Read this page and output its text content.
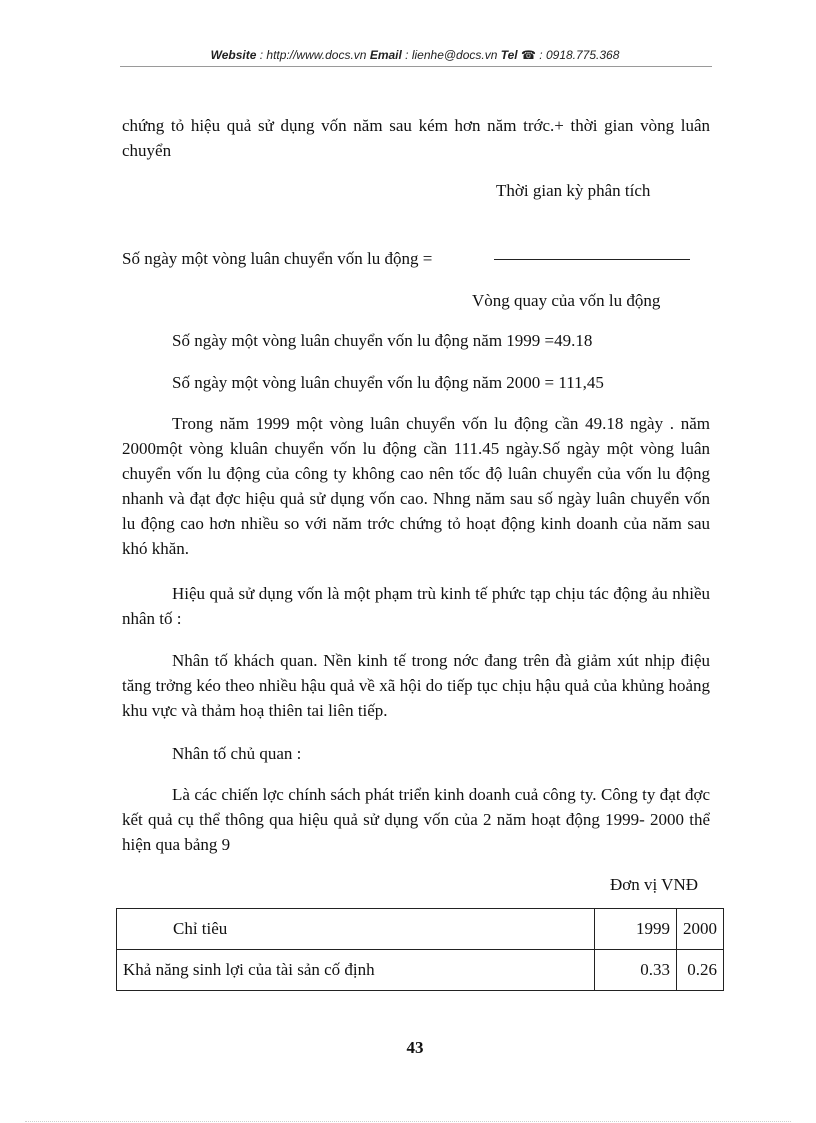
Website : http://www.docs.vn Email : lienhe@docs.vn Tel ☎ : 0918.775.368
chứng tỏ hiệu quả sử dụng vốn năm sau kém hơn năm trớc.+ thời gian vòng luân chuyển
Thời gian kỳ phân tích
Số ngày một vòng luân chuyển vốn lu động =
Vòng quay của vốn lu động
Số ngày một vòng luân chuyển vốn lu động năm 1999 =49.18
Số ngày một vòng luân chuyển vốn lu động năm 2000 = 111,45
Trong năm 1999 một vòng luân chuyển vốn lu động cần 49.18 ngày . năm 2000một vòng kluân chuyển vốn lu động cần 111.45 ngày.Số ngày một vòng luân chuyển vốn lu động của công ty không cao nên tốc độ luân chuyển của vốn lu động nhanh và đạt đợc hiệu quả sử dụng vốn cao. Nhng năm sau số ngày luân chuyển vốn lu động cao hơn nhiều so với năm trớc chứng tỏ hoạt động kinh doanh của năm sau khó khăn.
Hiệu quả sử dụng vốn là một phạm trù kinh tế phức tạp chịu tác động ảu nhiều nhân tố :
Nhân tố khách quan. Nền kinh tế trong nớc đang trên đà giảm xút nhịp điệu tăng trởng kéo theo nhiều hậu quả về xã hội do tiếp tục chịu hậu quả của khủng hoảng khu vực và thảm hoạ thiên tai liên tiếp.
Nhân tố chủ quan :
Là các chiến lợc chính sách phát triển kinh doanh cuả công ty. Công ty đạt đợc kết quả cụ thể thông qua hiệu quả sử dụng vốn của 2 năm hoạt động 1999- 2000 thể hiện qua bảng 9
Đơn vị VNĐ
Chỉ tiêu	1999	2000
Khả năng sinh lợi của tài sản cố định	0.33	0.26
43
